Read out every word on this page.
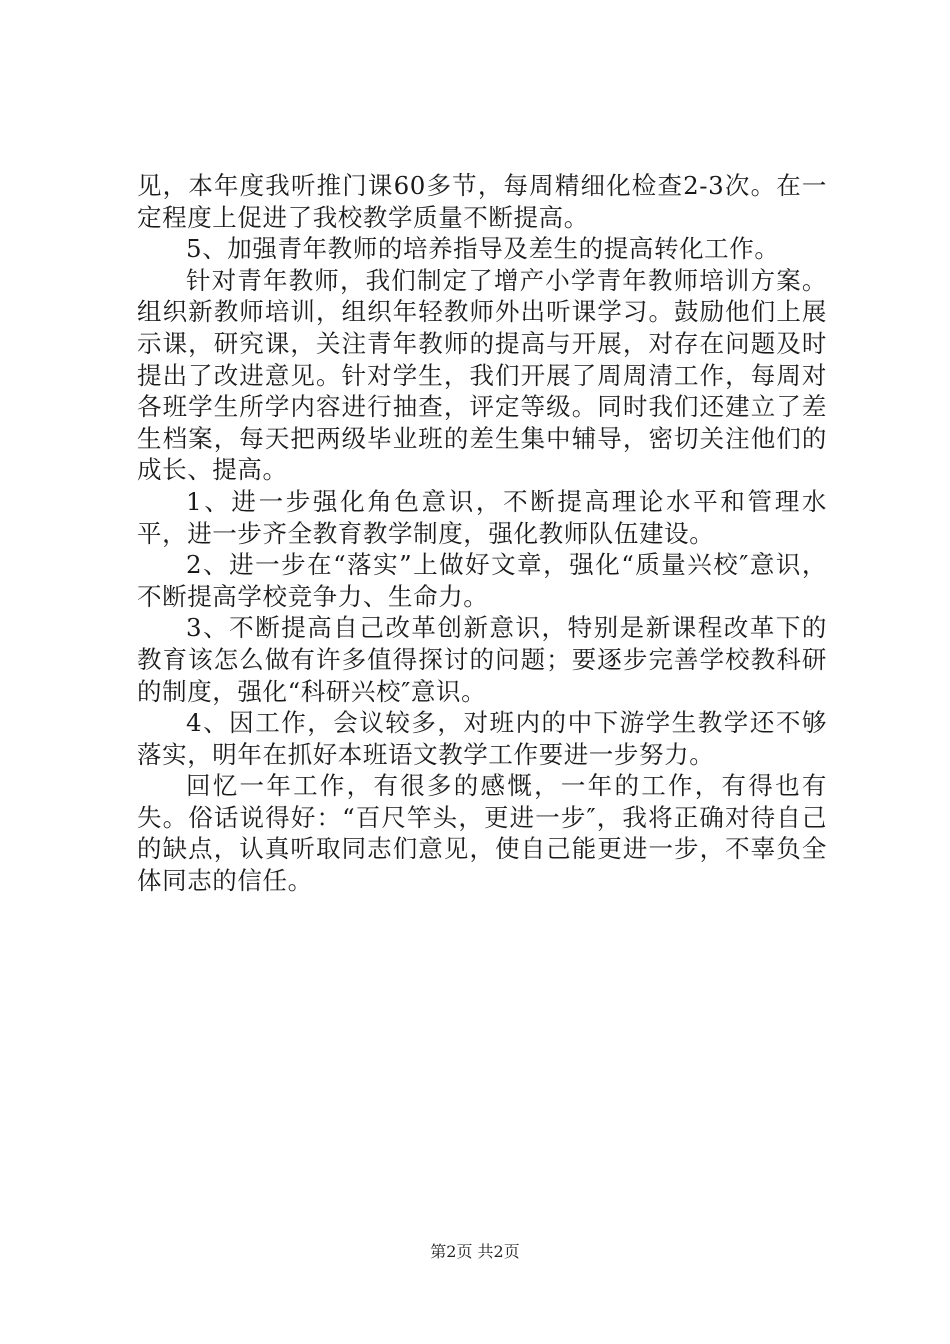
见，本年度我听推门课60多节，每周精细化检查2-3次。在一定程度上促进了我校教学质量不断提高。

5、加强青年教师的培养指导及差生的提高转化工作。

针对青年教师，我们制定了增产小学青年教师培训方案。组织新教师培训，组织年轻教师外出听课学习。鼓励他们上展示课，研究课，关注青年教师的提高与开展，对存在问题及时提出了改进意见。针对学生，我们开展了周周清工作，每周对各班学生所学内容进行抽查，评定等级。同时我们还建立了差生档案，每天把两级毕业班的差生集中辅导，密切关注他们的成长、提高。

1、进一步强化角色意识，不断提高理论水平和管理水平，进一步齐全教育教学制度，强化教师队伍建设。

2、进一步在“落实”上做好文章，强化“质量兴校″意识，不断提高学校竞争力、生命力。

3、不断提高自己改革创新意识，特别是新课程改革下的教育该怎么做有许多值得探讨的问题；要逐步完善学校教科研的制度，强化“科研兴校″意识。

4、因工作，会议较多，对班内的中下游学生教学还不够落实，明年在抓好本班语文教学工作要进一步努力。

回忆一年工作，有很多的感慨，一年的工作，有得也有失。俗话说得好：“百尺竿头，更进一步″，我将正确对待自己的缺点，认真听取同志们意见，使自己能更进一步，不辜负全体同志的信任。

第2页 共2页
